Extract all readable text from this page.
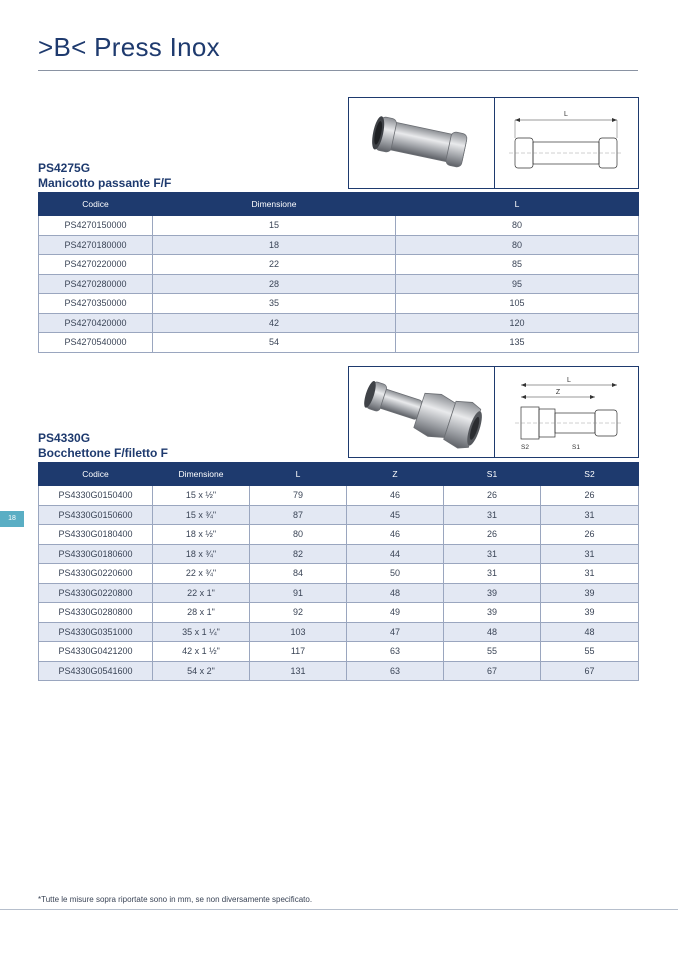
>B< Press Inox
18
L
PS4275G
Manicotto passante F/F
Codice	Dimensione	L
PS4270150000	15	80
PS4270180000	18	80
PS4270220000	22	85
PS4270280000	28	95
PS4270350000	35	105
PS4270420000	42	120
PS4270540000	54	135
L
Z
S2	S1
PS4330G
Bocchettone F/filetto F
Codice	Dimensione	L	Z	S1	S2
PS4330G0150400	15 x ½"	79	46	26	26
PS4330G0150600	15 x ¾"	87	45	31	31
PS4330G0180400	18 x ½"	80	46	26	26
PS4330G0180600	18 x ¾"	82	44	31	31
PS4330G0220600	22 x ¾"	84	50	31	31
PS4330G0220800	22 x 1"	91	48	39	39
PS4330G0280800	28 x 1"	92	49	39	39
PS4330G0351000	35 x 1 ¼"	103	47	48	48
PS4330G0421200	42 x 1 ½"	117	63	55	55
PS4330G0541600	54 x 2"	131	63	67	67
*Tutte le misure sopra riportate sono in mm, se non diversamente specificato.
